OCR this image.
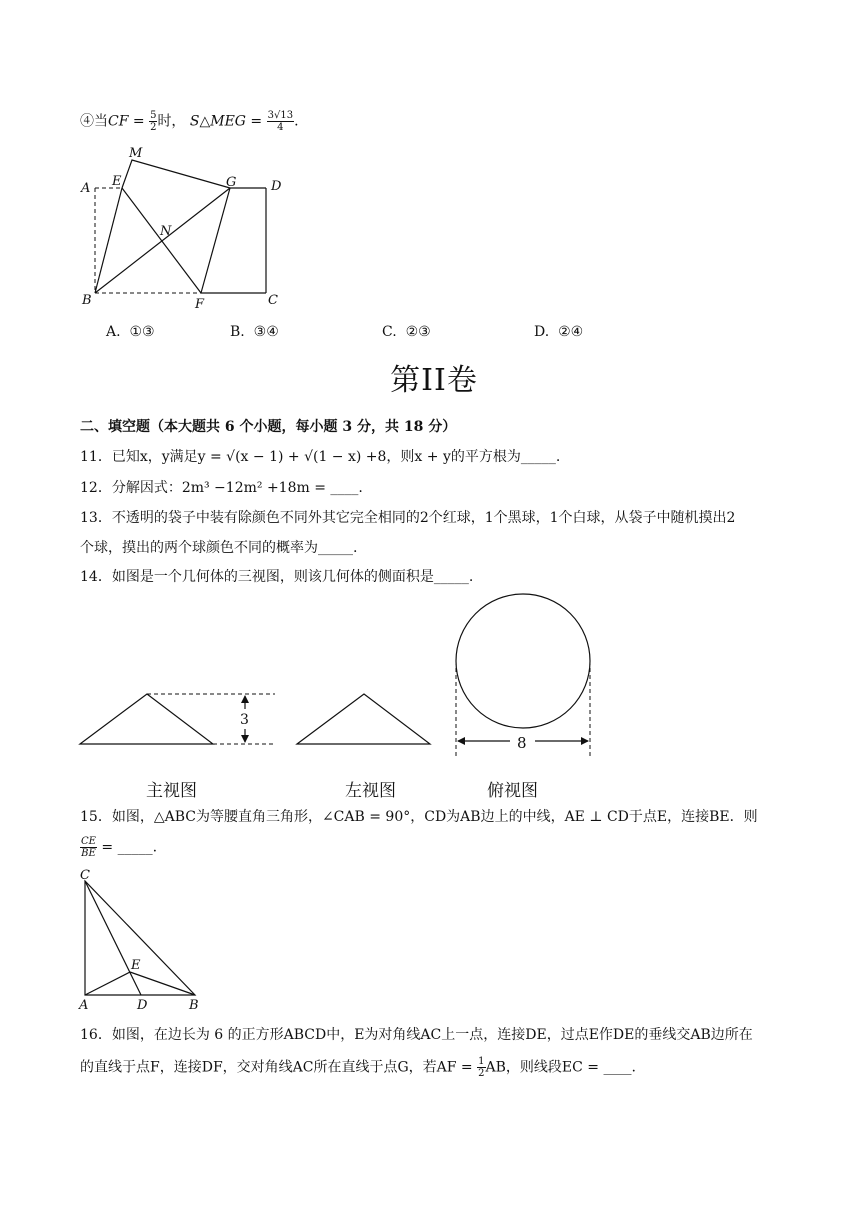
④当CF = $\frac{5}{2}$ 时， S△MEG = $\frac{3√13}{4}$ .
M
A E	G	D
N
B	F	C
A. ①③	B. ③④	C. ②③	D. ②④
第II卷
二、填空题（本大题共 6 个小题，每小题 3 分，共 18 分）
11．已知x，y满足y = √(x − 1) + √(1 − x) +8，则x + y的平方根为_____.
12．分解因式：2m³ −12m² +18m = ____.
13．不透明的袋子中装有除颜色不同外其它完全相同的2个红球，1个黑球，1个白球，从袋子中随机摸出2
个球，摸出的两个球颜色不同的概率为_____.
14．如图是一个几何体的三视图，则该几何体的侧面积是_____.
3
8
主视图	左视图	俯视图
15．如图，△ABC为等腰直角三角形，∠CAB = 90°，CD为AB边上的中线，AE ⊥ CD于点E，连接BE．则
$\frac{CE}{BE}$ = _____.
C
E
A	D	B
16．如图，在边长为 6 的正方形ABCD中，E为对角线AC上一点，连接DE，过点E作DE的垂线交AB边所在
的直线于点F，连接DF，交对角线AC所在直线于点G，若AF = $\frac{1}{2}$ AB，则线段EC = ____.
